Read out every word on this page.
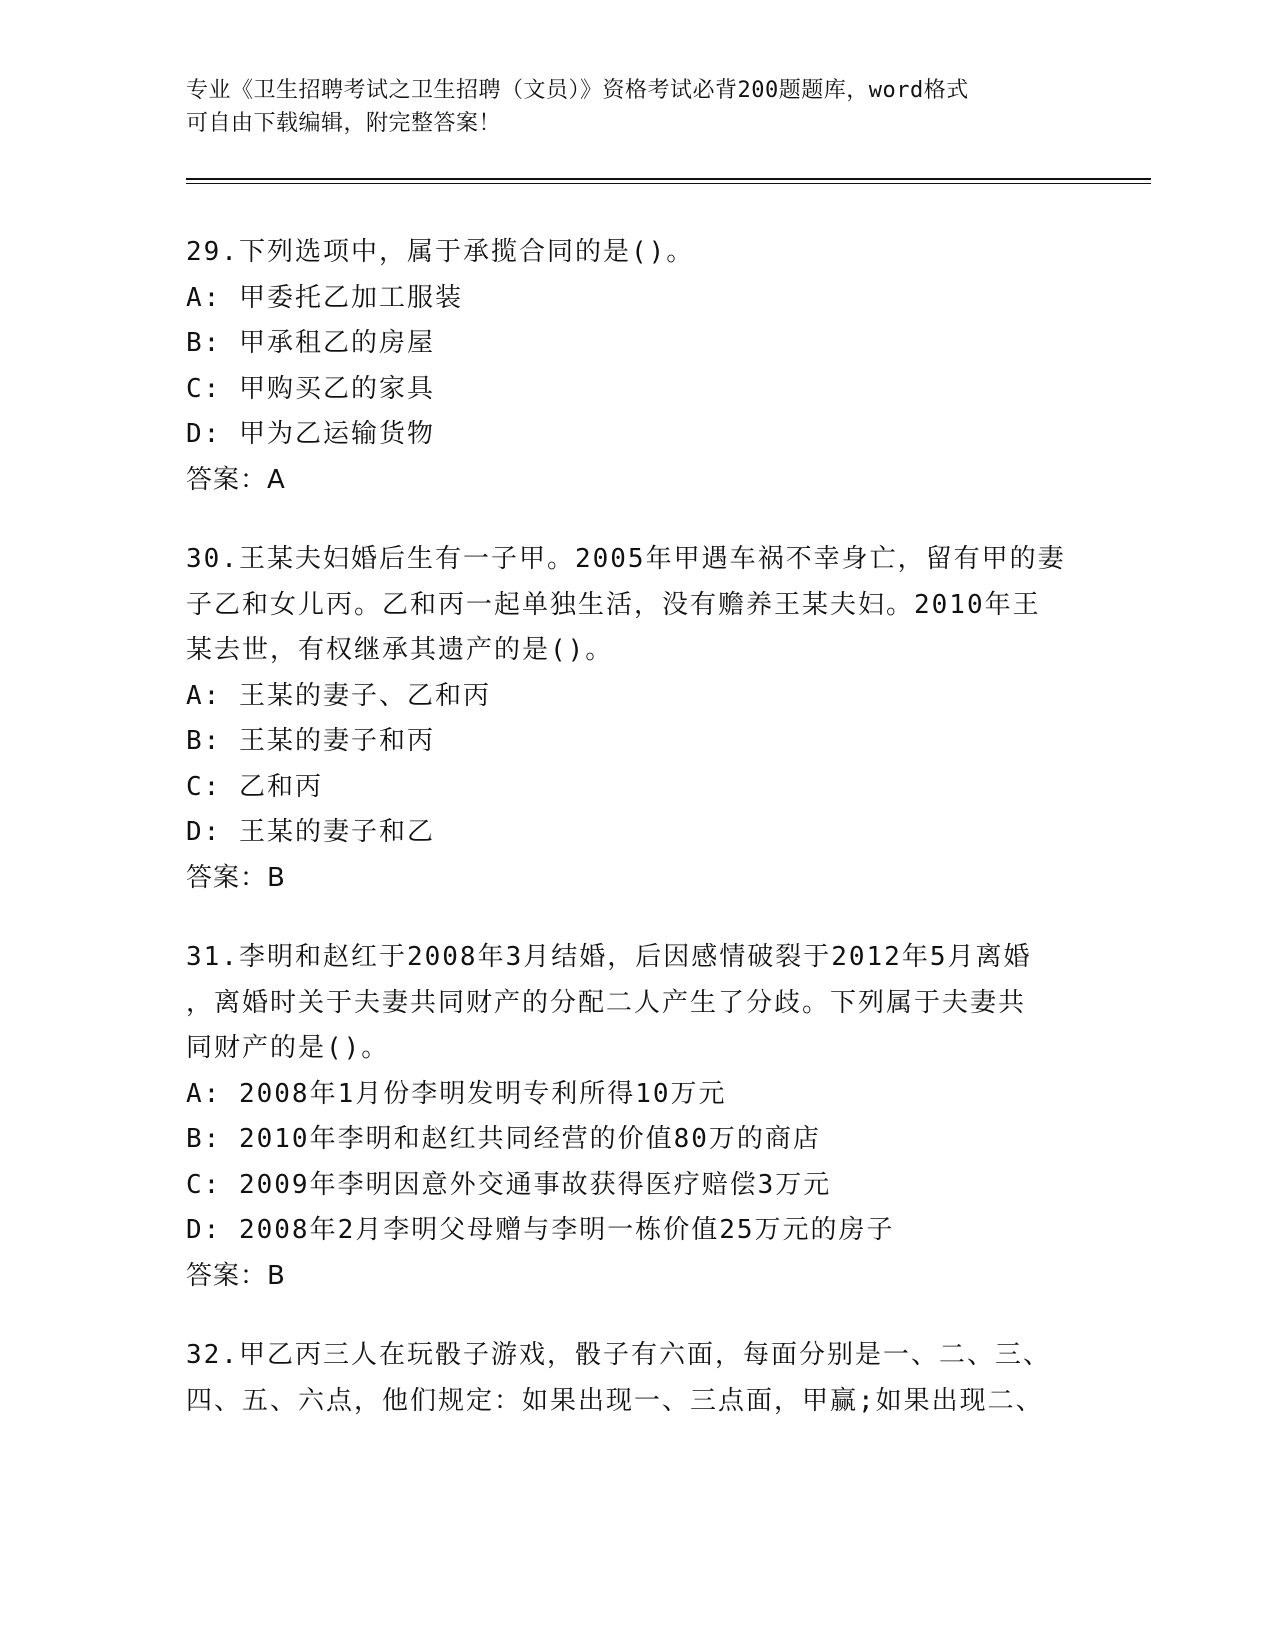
专业《卫生招聘考试之卫生招聘（文员）》资格考试必背200题题库，word格式
可自由下载编辑，附完整答案！
29.下列选项中，属于承揽合同的是()。
A: 甲委托乙加工服装
B: 甲承租乙的房屋
C: 甲购买乙的家具
D: 甲为乙运输货物
答案：A
30.王某夫妇婚后生有一子甲。2005年甲遇车祸不幸身亡，留有甲的妻
子乙和女儿丙。乙和丙一起单独生活，没有赡养王某夫妇。2010年王
某去世，有权继承其遗产的是()。
A: 王某的妻子、乙和丙
B: 王某的妻子和丙
C: 乙和丙
D: 王某的妻子和乙
答案：B
31.李明和赵红于2008年3月结婚，后因感情破裂于2012年5月离婚
，离婚时关于夫妻共同财产的分配二人产生了分歧。下列属于夫妻共
同财产的是()。
A: 2008年1月份李明发明专利所得10万元
B: 2010年李明和赵红共同经营的价值80万的商店
C: 2009年李明因意外交通事故获得医疗赔偿3万元
D: 2008年2月李明父母赠与李明一栋价值25万元的房子
答案：B
32.甲乙丙三人在玩骰子游戏，骰子有六面，每面分别是一、二、三、
四、五、六点，他们规定：如果出现一、三点面，甲赢;如果出现二、
